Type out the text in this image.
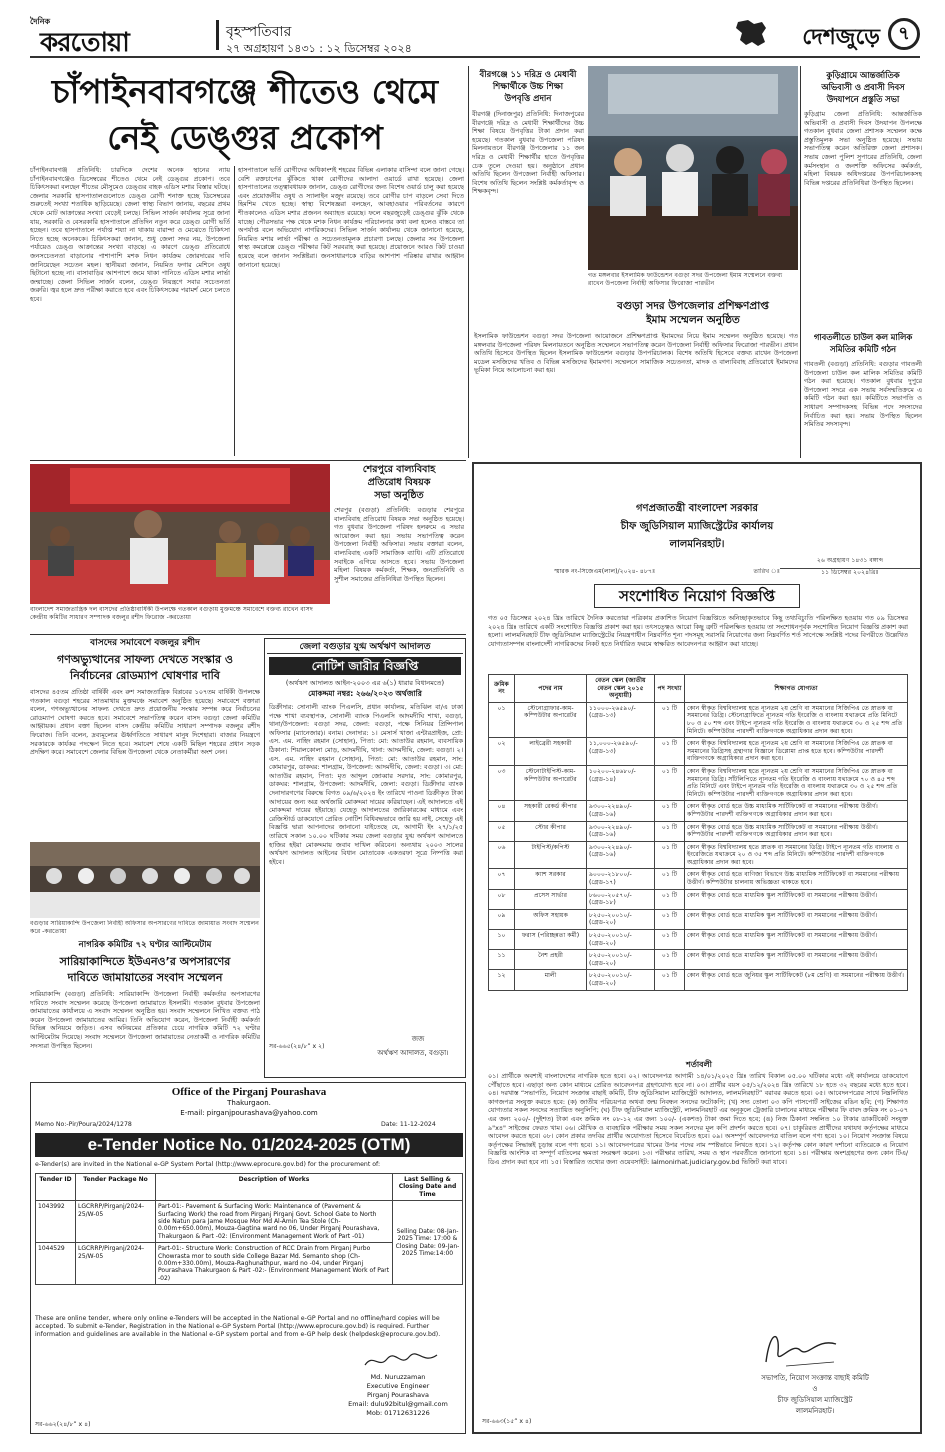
দৈনিক
করতোয়া	বৃহস্পতিবার
২৭ অগ্রহায়ণ ১৪৩১ : ১২ ডিসেম্বর ২০২৪	দেশজুড়ে	৭
চাঁপাইনবাবগঞ্জে শীতেও থেমে
নেই ডেঙ্গুর প্রকোপ
চাঁপাইনবাবগঞ্জ প্রতিনিধি: চারদিকে দেশের অনেক স্থানের ন্যায় চাঁপাইনবাবগঞ্জেও ডিসেম্বরের শীতেও থেমে নেই ডেঙ্গুর প্রকোপ। তবে চিকিৎসকরা বলছেন শীতের মৌসুমেও ডেঙ্গুর বাহক এডিস মশার বিস্তার ঘটছে। জেলার সরকারি হাসপাতালগুলোতে ডেঙ্গু রোগী শনাক্ত হচ্ছে ডিসেম্বরের শুরুতেই সংখ্যা শতাধিক ছাড়িয়েছে। জেলা স্বাস্থ্য বিভাগ জানায়, বছরের প্রথম থেকে মোট আক্রান্তের সংখ্যা বেড়েই চলছে। সিভিল সার্জন কার্যালয় সূত্রে জানা যায়, সরকারি ও বেসরকারি হাসপাতালে প্রতিদিন নতুন করে ডেঙ্গু রোগী ভর্তি হচ্ছেন। তবে হাসপাতালে পর্যাপ্ত শয্যা না থাকায় বারান্দা ও মেঝেতে চিকিৎসা নিতে হচ্ছে অনেককে। চিকিৎসকরা জানান, শুধু জেলা সদর নয়, উপজেলা পর্যায়েও ডেঙ্গু আক্রান্তের সংখ্যা বাড়ছে। এ কারণে ডেঙ্গু প্রতিরোধে জনসচেতনতা বাড়ানোর পাশাপাশি মশক নিধন কার্যক্রম জোরদারের দাবি জানিয়েছেন সচেতন মহল। স্থানীয়রা জানান, নিয়মিত ফগার মেশিনে ওষুধ ছিটানো হচ্ছে না। বাসাবাড়ির আশপাশে জমে থাকা পানিতে এডিস মশার লার্ভা জন্মাচ্ছে। জেলা সিভিল সার্জন বলেন, ডেঙ্গু নিয়ন্ত্রণে সবার সচেতনতা জরুরি। জ্বর হলে দ্রুত পরীক্ষা করাতে হবে এবং চিকিৎসকের পরামর্শ মেনে চলতে হবে।
হাসপাতালে ভর্তি রোগীদের অধিকাংশই শহরের বিভিন্ন এলাকার বাসিন্দা বলে জানা গেছে। বেশি রক্তচাপের ঝুঁকিতে থাকা রোগীদের আলাদা ওয়ার্ডে রাখা হয়েছে। জেলা হাসপাতালের তত্ত্বাবধায়ক জানান, ডেঙ্গু রোগীদের জন্য বিশেষ ওয়ার্ড চালু করা হয়েছে এবং প্রয়োজনীয় ওষুধ ও স্যালাইন মজুদ রয়েছে। তবে রোগীর চাপ বাড়লে সেবা দিতে হিমশিম খেতে হচ্ছে। স্বাস্থ্য বিশেষজ্ঞরা বলছেন, আবহাওয়ার পরিবর্তনের কারণে শীতকালেও এডিস মশার প্রজনন অব্যাহত রয়েছে। ফলে বছরজুড়েই ডেঙ্গুর ঝুঁকি থেকে যাচ্ছে। পৌরসভার পক্ষ থেকে মশক নিধন কার্যক্রম পরিচালনার কথা বলা হলেও বাস্তবে তা অপর্যাপ্ত বলে অভিযোগ নাগরিকদের। সিভিল সার্জন কার্যালয় থেকে জানানো হয়েছে, নিয়মিত মশার লার্ভা পরীক্ষা ও সচেতনতামূলক প্রচারণা চলছে। জেলার সব উপজেলা স্বাস্থ্য কমপ্লেক্সে ডেঙ্গু পরীক্ষার কিট সরবরাহ করা হয়েছে। প্রয়োজনে আরও কিট চাওয়া হয়েছে বলে জানান সংশ্লিষ্টরা। জনসাধারণকে বাড়ির আশপাশ পরিষ্কার রাখার আহ্বান জানানো হয়েছে।
বীরগঞ্জে ১১ দরিদ্র ও মেধাবী
শিক্ষার্থীকে উচ্চ শিক্ষা
উপবৃত্তি প্রদান
বীরগঞ্জ (দিনাজপুর) প্রতিনিধি: দিনাজপুরের বীরগঞ্জে দরিদ্র ও মেধাবী শিক্ষার্থীদের উচ্চ শিক্ষা বিষয়ে উপবৃত্তির টাকা প্রদান করা হয়েছে। গতকাল বুধবার উপজেলা পরিষদ মিলনায়তনে বীরগঞ্জ উপজেলার ১১ জন দরিদ্র ও মেধাবী শিক্ষার্থীর হাতে উপবৃত্তির চেক তুলে দেওয়া হয়। অনুষ্ঠানে প্রধান অতিথি ছিলেন উপজেলা নির্বাহী অফিসার। বিশেষ অতিথি ছিলেন সংশ্লিষ্ট কর্মকর্তাবৃন্দ ও শিক্ষকবৃন্দ।
কুড়িগ্রামে আন্তর্জাতিক
অভিবাসী ও প্রবাসী দিবস
উদযাপনে প্রস্তুতি সভা
কুড়িগ্রাম জেলা প্রতিনিধি: আন্তর্জাতিক অভিবাসী ও প্রবাসী দিবস উদযাপন উপলক্ষে গতকাল বুধবার জেলা প্রশাসক সম্মেলন কক্ষে প্রস্তুতিমূলক সভা অনুষ্ঠিত হয়েছে। সভায় সভাপতিত্ব করেন অতিরিক্ত জেলা প্রশাসক। সভায় জেলা পুলিশ সুপারের প্রতিনিধি, জেলা কর্মসংস্থান ও জনশক্তি অফিসের কর্মকর্তা, মহিলা বিষয়ক অধিদপ্তরের উপপরিচালকসহ বিভিন্ন দপ্তরের প্রতিনিধিরা উপস্থিত ছিলেন।
গাবতলীতে চাউল কল মালিক
সমিতির কমিটি গঠন
গাবতলী (বগুড়া) প্রতিনিধি: বগুড়ার গাবতলী উপজেলা চাউল কল মালিক সমিতির কমিটি গঠন করা হয়েছে। গতকাল বুধবার দুপুরে উপজেলা সদরে এক সভায় সর্বসম্মতিক্রমে এ কমিটি গঠন করা হয়। কমিটিতে সভাপতি ও সাধারণ সম্পাদকসহ বিভিন্ন পদে সদস্যদের নির্বাচিত করা হয়। সভায় উপস্থিত ছিলেন সমিতির সদস্যবৃন্দ।
গত মঙ্গলবার ইসলামিক ফাউন্ডেশন বগুড়া সদর উপজেলা ইমাম সম্মেলনে বক্তব্য রাখেন উপজেলা নির্বাহী অফিসার ফিরোজা পারভীন
বগুড়া সদর উপজেলার প্রশিক্ষণপ্রাপ্ত
ইমাম সম্মেলন অনুষ্ঠিত
ইসলামিক ফাউন্ডেশন বগুড়া সদর উপজেলা আয়োজনে প্রশিক্ষণপ্রাপ্ত ইমামদের নিয়ে ইমাম সম্মেলন অনুষ্ঠিত হয়েছে। গত মঙ্গলবার উপজেলা পরিষদ মিলনায়তনে অনুষ্ঠিত সম্মেলনে সভাপতিত্ব করেন উপজেলা নির্বাহী অফিসার ফিরোজা পারভীন। প্রধান অতিথি হিসেবে উপস্থিত ছিলেন ইসলামিক ফাউন্ডেশন বগুড়ার উপপরিচালক। বিশেষ অতিথি হিসেবে বক্তব্য রাখেন উপজেলা মডেল মসজিদের খতিব ও বিভিন্ন মসজিদের ইমামগণ। সম্মেলনে সামাজিক সচেতনতা, মাদক ও বাল্যবিবাহ প্রতিরোধে ইমামদের ভূমিকা নিয়ে আলোচনা করা হয়।
শেরপুরে বাল্যবিবাহ
প্রতিরোধ বিষয়ক
সভা অনুষ্ঠিত
শেরপুর (বগুড়া) প্রতিনিধি: বগুড়ার শেরপুরে বাল্যবিবাহ প্রতিরোধ বিষয়ক সভা অনুষ্ঠিত হয়েছে। গত বুধবার উপজেলা পরিষদ হলরুমে এ সভার আয়োজন করা হয়। সভায় সভাপতিত্ব করেন উপজেলা নির্বাহী অফিসার। সভায় বক্তারা বলেন, বাল্যবিবাহ একটি সামাজিক ব্যাধি। এটি প্রতিরোধে সবাইকে এগিয়ে আসতে হবে। সভায় উপজেলা মহিলা বিষয়ক কর্মকর্তা, শিক্ষক, জনপ্রতিনিধি ও সুশীল সমাজের প্রতিনিধিরা উপস্থিত ছিলেন।
বাংলাদেশ সমাজতান্ত্রিক দল বাসদের প্রতিষ্ঠাবার্ষিকী উপলক্ষে গতকাল বগুড়ায় মুক্তমঞ্চে সমাবেশে বক্তব্য রাখেন বাসদ কেন্দ্রীয় কমিটির সাধারণ সম্পাদক বজলুর রশীদ ফিরোজ -করতোয়া
বাসদের সমাবেশে বজলুর রশীদ
গণঅভ্যুত্থানের সাফল্য দেখতে সংস্কার ও
নির্বাচনের রোডম্যাপ ঘোষণার দাবি
বাসদের ৪৫তম প্রতিষ্ঠা বার্ষিকী এবং রুশ সমাজতান্ত্রিক বিপ্লবের ১০৭তম বার্ষিকী উপলক্ষে গতকাল বগুড়া শহরের সাতমাথায় মুক্তমঞ্চে সমাবেশ অনুষ্ঠিত হয়েছে। সমাবেশে বক্তারা বলেন, গণঅভ্যুত্থানের সাফল্য দেখতে দ্রুত প্রয়োজনীয় সংস্কার সম্পন্ন করে নির্বাচনের রোডম্যাপ ঘোষণা করতে হবে। সমাবেশে সভাপতিত্ব করেন বাসদ বগুড়া জেলা কমিটির আহ্বায়ক। প্রধান বক্তা ছিলেন বাসদ কেন্দ্রীয় কমিটির সাধারণ সম্পাদক বজলুর রশীদ ফিরোজ। তিনি বলেন, দ্রব্যমূল্যের ঊর্ধ্বগতিতে সাধারণ মানুষ দিশেহারা। বাজার নিয়ন্ত্রণে সরকারকে কার্যকর পদক্ষেপ নিতে হবে। সমাবেশ শেষে একটি মিছিল শহরের প্রধান সড়ক প্রদক্ষিণ করে। সমাবেশে জেলার বিভিন্ন উপজেলা থেকে নেতাকর্মীরা অংশ নেন।
বগুড়ার সারিয়াকান্দি উপজেলা নির্বাহী অফিসার অপসারণের দাবিতে জামায়াত সংবাদ সম্মেলন করে -করতোয়া
নাগরিক কমিটির ৭২ ঘণ্টার আল্টিমেটাম
সারিয়াকান্দিতে ইউএনও’র অপসারণের
দাবিতে জামায়াতের সংবাদ সম্মেলন
সারিয়াকান্দি (বগুড়া) প্রতিনিধি: সারিয়াকান্দি উপজেলা নির্বাহী কর্মকর্তার অপসারণের দাবিতে সংবাদ সম্মেলন করেছে উপজেলা জামায়াতে ইসলামী। গতকাল বুধবার উপজেলা জামায়াতের কার্যালয়ে এ সংবাদ সম্মেলন অনুষ্ঠিত হয়। সংবাদ সম্মেলনে লিখিত বক্তব্য পাঠ করেন উপজেলা জামায়াতের আমির। তিনি অভিযোগ করেন, উপজেলা নির্বাহী কর্মকর্তা বিভিন্ন অনিয়মে জড়িত। এসব অনিয়মের প্রতিকার চেয়ে নাগরিক কমিটি ৭২ ঘণ্টার আল্টিমেটাম দিয়েছে। সংবাদ সম্মেলনে উপজেলা জামায়াতের নেতাকর্মী ও নাগরিক কমিটির সদস্যরা উপস্থিত ছিলেন।
জেলা বগুড়ার যুগ্ম অর্থঋণ আদালত
নোটিশ জারীর বিজ্ঞপ্তি
(অর্থঋণ আদালত আইন-২০০৩ এর ৬(১) ধারার বিধানমতে)
মোকদ্দমা নম্বর: ২৬৬/২০২৩ অর্থজারি
ডিক্রীদার: সোনালী ব্যাংক পিএলসি, প্রধান কার্যালয়, মতিঝিল বা/এ ঢাকা পক্ষে শাখা ব্যবস্থাপক, সোনালী ব্যাংক পিএলসি আদমদীঘি শাখা, বগুড়া, থানা/উপজেলা: বগুড়া সদর, জেলা: বগুড়া, পক্ষে সিনিয়র প্রিন্সিপাল অফিসার (ম্যানেজার)। বনাম। দেনাদার: ১। মেসার্স খাজা এন্টারপ্রাইজ, প্রো: এস. এম. নাহিদ রহমান (সোহান), পিতা: মো: আতাউর রহমান, ব্যবসায়িক ঠিকানা: শিয়ালকোলা মোড়, আদমদীঘি, থানা: আদমদীঘি, জেলা: বগুড়া। ২। এস. এম. নাহিদ রহমান (সোহান), পিতা: মো: আতাউর রহমান, সাং: কোমারপুর, ডাকঘর: শালগ্রাম, উপজেলা: আদমদীঘি, জেলা: বগুড়া। ৩। মো: আতাউর রহমান, পিতা: মৃত আব্দুল জোব্বার সরদার, সাং: কোমারপুর, ডাকঘর: শালগ্রাম, উপজেলা: আদমদীঘি, জেলা: বগুড়া। ডিক্রীদার ব্যাংক দেনাদারগণের বিরুদ্ধে বিগত ০৯/৬/২০২৪ ইং তারিখে পাওনা ডিক্রীকৃত টাকা আদায়ের জন্য অত্র অর্থজারি মোকদ্দমা দায়ের করিয়াছেন। এই আদালতে এই মোকদ্দমা দায়ের হইয়াছে। যেহেতু আদালতের জারিকারকের মাধ্যমে এবং রেজিস্টার্ড ডাকযোগে প্রেরিত নোটিশ বিধিবদ্ধভাবে জারি হয় নাই, সেহেতু এই বিজ্ঞপ্তি দ্বারা আপনাদের জানানো যাইতেছে যে, আগামী ইং ২৭/১/২৫ তারিখে সকাল ১০.০০ ঘটিকার সময় জেলা বগুড়ার যুগ্ম অর্থঋণ আদালতে হাজির হইয়া মোকদ্দমায় জবাব দাখিল করিবেন। অন্যথায় ২০০৩ সালের অর্থঋণ আদালত আইনের বিধান মোতাবেক একতরফা সূত্রে নিষ্পত্তি করা হইবে।
জজ
অর্থঋণ আদালত, বগুড়া।
সর-৬৬৫(২৪/৮” x ২)
Office of the Pirganj Pourashava
Thakurgaon.
E-mail: pirganjpourashava@yahoo.com
Memo No:-Pir/Poura/2024/1278	Date: 11-12-2024
e-Tender Notice No. 01/2024-2025 (OTM)
e-Tender(s) are invited in the National e-GP System Portal (http://www.eprocure.gov.bd) for the procurement of:
Tender ID	Tender Package No	Description of Works	Last Selling & Closing Date and Time
1043992	LGCRRP/Pirganj/2024-25/W-05	Part-01:- Pavement & Surfacing Work: Maintenance of (Pavement & Surfacing Work) the road from Pirganj Pirganj Govt. School Gate to North side Natun para Jame Mosque Mor Md Al-Amin Tea Stole (Ch-0.00m+650.00m), Mouza-Gagtina ward no 06, Under Pirganj Pourashava, Thakurgaon & Part -02: (Environment Management Work of Part -01)	Selling Date: 08-Jan-2025 Time: 17:00 & Closing Date: 09-Jan-2025 Time:14:00
1044529	LGCRRP/Pirganj/2024-25/W-05	Part-01:- Structure Work: Construction of RCC Drain from Pirganj Purbo Chowrasta mor to south side College Bazar Md. Semanto shop (Ch-0.00m+330.00m), Mouza-Raghunathpur, ward no -04, under Pirganj Pourashava Thakurgaon & Part -02:- (Environment Management Work of Part -02)	
These are online tender, where only online e-Tenders will be accepted in the National e-GP Portal and no offline/hard copies will be accepted. To submit e-Tender, Registration in the National e-GP System Portal (http://www.eprocure.gov.bd) is required. Further information and guidelines are available in the National e-GP system portal and from e-GP help desk (helpdesk@eprocure.gov.bd).
Md. Nuruzzaman
Executive Engineer
Pirganj Pourashava
Email: dulu92bitul@gmail.com
Mob: 01712631226
সর-৬৬২(২৪/৮” x ৪)
গণপ্রজাতন্ত্রী বাংলাদেশ সরকার
চীফ জুডিসিয়াল ম্যাজিস্ট্রেটের কার্যালয়
লালমনিরহাট।
২৬ অগ্রহায়ণ ১৪৩১ বঙ্গাব্দ
স্মারক নং-সিজেএম(লাল)/২০২৪- ৪৮৭ঃ	তারিখ ঃ	১১ ডিসেম্বর ২০২৪খ্রিঃ
সংশোধিত নিয়োগ বিজ্ঞপ্তি
গত ০৫ ডিসেম্বর ২০২৪ খ্রিঃ তারিখে দৈনিক করতোয়া পত্রিকায় প্রকাশিত নিয়োগ বিজ্ঞপ্তিতে অনিচ্ছাকৃতভাবে কিছু তথ্যবিচ্যুতি পরিলক্ষিত হওয়ায় গত ০৯ ডিসেম্বর ২০২৪ খ্রিঃ তারিখে একটি সংশোধিত বিজ্ঞপ্তি প্রকাশ করা হয়। তৎসত্ত্বেও আরো কিছু ত্রুটি পরিলক্ষিত হওয়ায় তা সংশোধনপূর্বক সংশোধিত নিয়োগ বিজ্ঞপ্তি প্রকাশ করা হলো। লালমনিরহাট চীফ জুডিসিয়াল ম্যাজিস্ট্রেটের নিয়ন্ত্রণাধীন নিম্নবর্ণিত শূন্য পদসমূহ সরাসরি নিয়োগের জন্য নিম্নবর্ণিত শর্ত সাপেক্ষে সংশ্লিষ্ট পদের বিপরীতে উল্লেখিত যোগ্যতাসম্পন্ন বাংলাদেশী নাগরিকদের নিকট হতে নির্ধারিত ফরমে স্বাক্ষরিত আবেদনপত্র আহ্বান করা যাচ্ছে।
ক্রমিক নং	পদের নাম	বেতন স্কেল (জাতীয় বেতন স্কেল ২০১৫ অনুযায়ী)	পদ সংখ্যা	শিক্ষাগত যোগ্যতা
০১	স্টেনোগ্রাফার-কাম-কম্পিউটার অপারেটর	১১০০০-২৬৫৯০/- (গ্রেড-১৩)	০১ টি	কোন স্বীকৃত বিশ্ববিদ্যালয় হতে ন্যূনতম ২য় শ্রেণি বা সমমানের সিজিপিএ তে স্নাতক বা সমমানের ডিগ্রি। স্টেনোগ্রাফিতে ন্যূনতম গতি ইংরেজি ও বাংলায় যথাক্রমে প্রতি মিনিটে ৮০ ও ৫০ শব্দ এবং টাইপে ন্যূনতম গতি ইংরেজি ও বাংলায় যথাক্রমে ৩০ ও ২৫ শব্দ প্রতি মিনিটে। কম্পিউটার পারদর্শী ব্যক্তিগণকে অগ্রাধিকার প্রদান করা হবে।
০২	লাইব্রেরী সহকারী	১১,০০০-২৬৫৯০/- (গ্রেড-১৩)	০১ টি	কোন স্বীকৃত বিশ্ববিদ্যালয় হতে ন্যূনতম ২য় শ্রেণি বা সমমানের সিজিপিএ তে স্নাতক বা সমমানের ডিগ্রিসহ গ্রন্থাগার বিজ্ঞানে ডিপ্লোমা প্রাপ্ত হতে হবে। কম্পিউটার পারদর্শী ব্যক্তিগণকে অগ্রাধিকার প্রদান করা হবে।
০৩	স্টেনোটাইপিস্ট-কাম-কম্পিউটার অপারেটর	১০২০০-২৪৬৮০/- (গ্রেড-১৪)	০১ টি	কোন স্বীকৃত বিশ্ববিদ্যালয় হতে ন্যূনতম ২য় শ্রেণি বা সমমানের সিজিপিএ তে স্নাতক বা সমমানের ডিগ্রি। সাঁটলিপিতে ন্যূনতম গতি ইংরেজি ও বাংলায় যথাক্রমে ৭০ ও ৪৫ শব্দ প্রতি মিনিটে এবং টাইপে ন্যূনতম গতি ইংরেজি ও বাংলায় যথাক্রমে ৩০ ও ২৫ শব্দ প্রতি মিনিটে। কম্পিউটার পারদর্শী ব্যক্তিগণকে অগ্রাধিকার প্রদান করা হবে।
০৪	সহকারী রেকর্ড কীপার	৯৩০০-২২৪৯০/- (গ্রেড-১৬)	০১ টি	কোন স্বীকৃত বোর্ড হতে উচ্চ মাধ্যমিক সার্টিফিকেট বা সমমানের পরীক্ষায় উত্তীর্ণ। কম্পিউটার পারদর্শী ব্যক্তিগণকে অগ্রাধিকার প্রদান করা হবে।
০৫	স্টোর কীপার	৯৩০০-২২৪৯০/- (গ্রেড-১৬)	০১ টি	কোন স্বীকৃত বোর্ড হতে উচ্চ মাধ্যমিক সার্টিফিকেট বা সমমানের পরীক্ষায় উত্তীর্ণ। কম্পিউটার পারদর্শী ব্যক্তিগণকে অগ্রাধিকার প্রদান করা হবে।
০৬	টাইপিস্ট/কপিস্ট	৯৩০০-২২৪৯০/- (গ্রেড-১৬)	০১ টি	কোন স্বীকৃত বিশ্ববিদ্যালয় হতে স্নাতক বা সমমানের ডিগ্রি। টাইপে ন্যূনতম গতি বাংলায় ও ইংরেজিতে যথাক্রমে ২০ ও ৩৫ শব্দ প্রতি মিনিটে। কম্পিউটার পারদর্শী ব্যক্তিগণকে অগ্রাধিকার প্রদান করা হবে।
০৭	ক্যাশ সরকার	৯০০০-২১৮০০/- (গ্রেড-১৭)	০১ টি	কোন স্বীকৃত বোর্ড হতে বাণিজ্য বিভাগে উচ্চ মাধ্যমিক সার্টিফিকেট বা সমমানের পরীক্ষায় উত্তীর্ণ। কম্পিউটার চালনায় অভিজ্ঞতা থাকতে হবে।
০৮	প্রসেস সার্ভার	৮৬০০-২০৫৭০/- (গ্রেড-১৮)	০১ টি	কোন স্বীকৃত বোর্ড হতে মাধ্যমিক স্কুল সার্টিফিকেট বা সমমানের পরীক্ষায় উত্তীর্ণ।
০৯	অফিস সহায়ক	৮২৫০-২০০১০/- (গ্রেড-২০)	০১ টি	কোন স্বীকৃত বোর্ড হতে মাধ্যমিক স্কুল সার্টিফিকেট বা সমমানের পরীক্ষায় উত্তীর্ণ।
১০	ফরাস (পরিচ্ছন্নতা কর্মী)	৮২৫০-২০০১০/- (গ্রেড-২০)	০১ টি	কোন স্বীকৃত বোর্ড হতে মাধ্যমিক স্কুল সার্টিফিকেট বা সমমানের পরীক্ষায় উত্তীর্ণ।
১১	নৈশ প্রহরী	৮২৫০-২০০১০/- (গ্রেড-২০)	০১ টি	কোন স্বীকৃত বোর্ড হতে মাধ্যমিক স্কুল সার্টিফিকেট বা সমমানের পরীক্ষায় উত্তীর্ণ।
১২	মালী	৮২৫০-২০০১০/- (গ্রেড-২০)	০১ টি	কোন স্বীকৃত বোর্ড হতে জুনিয়র স্কুল সার্টিফিকেট (৮ম শ্রেণি) বা সমমানের পরীক্ষায় উত্তীর্ণ।
শর্তাবলী
০১। প্রার্থীকে অবশ্যই বাংলাদেশের নাগরিক হতে হবে। ০২। আবেদনপত্র আগামী ১৪/০১/২০২৫ খ্রিঃ তারিখ বিকাল ০৫.০০ ঘটিকার মধ্যে এই কার্যালয়ে ডাকযোগে পৌঁছাতে হবে। এছাড়া অন্য কোন মাধ্যমে প্রেরিত আবেদনপত্র গ্রহণযোগ্য হবে না। ০৩। প্রার্থীর বয়স ০৫/১২/২০২৪ খ্রিঃ তারিখে ১৮ হতে ৩২ বছরের মধ্যে হতে হবে। ০৪। দরখাস্ত “সভাপতি, নিয়োগ সংক্রান্ত বাছাই কমিটি, চীফ জুডিসিয়াল ম্যাজিস্ট্রেট আদালত, লালমনিরহাট” বরাবর করতে হবে। ০৫। আবেদনপত্রের সাথে নিম্নলিখিত কাগজপত্র সংযুক্ত করতে হবে: (ক) জাতীয় পরিচয়পত্র অথবা জন্ম নিবন্ধন সনদের ফটোকপি; (খ) সদ্য তোলা ০৩ কপি পাসপোর্ট সাইজের রঙিন ছবি; (গ) শিক্ষাগত যোগ্যতার সকল সনদের সত্যায়িত অনুলিপি; (ঘ) চীফ জুডিসিয়াল ম্যাজিস্ট্রেট, লালমনিরহাট এর অনুকূলে ট্রেজারি চালানের মাধ্যমে পরীক্ষার ফি বাবদ ক্রমিক নং ০১-০৭ এর জন্য ২০০/- (দুইশত) টাকা এবং ক্রমিক নং ০৮-১২ এর জন্য ১০০/- (একশত) টাকা জমা দিতে হবে; (ঙ) নিজ ঠিকানা সম্বলিত ১০ টাকার ডাকটিকেট সংযুক্ত ৯"x৪" সাইজের ফেরত খাম। ০৬। মৌখিক ও ব্যবহারিক পরীক্ষার সময় সকল সনদের মূল কপি প্রদর্শন করতে হবে। ০৭। চাকুরিরত প্রার্থীদের যথাযথ কর্তৃপক্ষের মাধ্যমে আবেদন করতে হবে। ০৮। কোন প্রকার তদবির প্রার্থীর অযোগ্যতা হিসেবে বিবেচিত হবে। ০৯। অসম্পূর্ণ আবেদনপত্র বাতিল বলে গণ্য হবে। ১০। নিয়োগ সংক্রান্ত বিষয়ে কর্তৃপক্ষের সিদ্ধান্তই চূড়ান্ত বলে গণ্য হবে। ১১। আবেদনপত্রের খামের উপর পদের নাম স্পষ্টভাবে লিখতে হবে। ১২। কর্তৃপক্ষ কোন কারণ দর্শানো ব্যতিরেকে এ নিয়োগ বিজ্ঞপ্তি আংশিক বা সম্পূর্ণ বাতিলের ক্ষমতা সংরক্ষণ করেন। ১৩। পরীক্ষার তারিখ, সময় ও স্থান পরবর্তীতে জানানো হবে। ১৪। পরীক্ষায় অংশগ্রহণের জন্য কোন টিএ/ডিএ প্রদান করা হবে না। ১৫। বিস্তারিত তথ্যের জন্য ওয়েবসাইট: lalmonirhat.judiciary.gov.bd ভিজিট করা যাবে।
সভাপতি, নিয়োগ সংক্রান্ত বাছাই কমিটি
ও
চীফ জুডিসিয়াল ম্যাজিস্ট্রেট
লালমনিরহাট।
সর-৬৬৩(১৫” x ৪)
